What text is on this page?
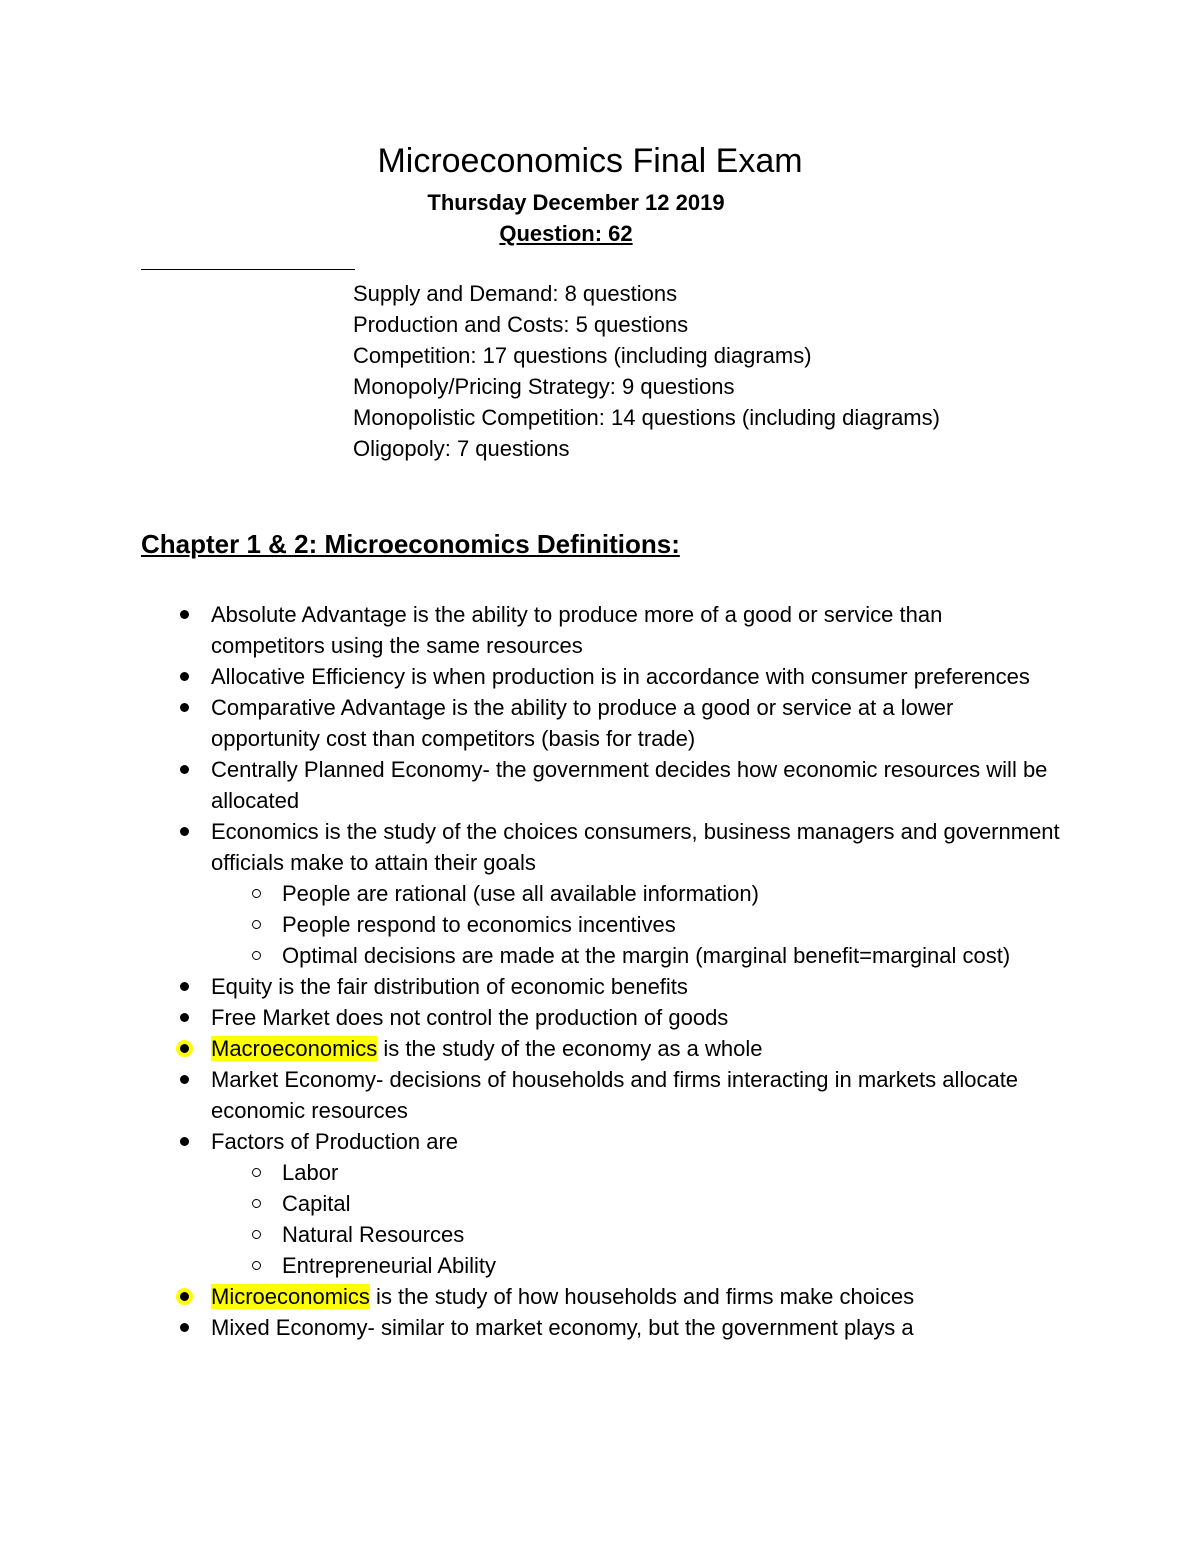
Microeconomics Final Exam
Thursday December 12 2019
Question: 62
Supply and Demand: 8 questions
Production and Costs: 5 questions
Competition: 17 questions (including diagrams)
Monopoly/Pricing Strategy: 9 questions
Monopolistic Competition: 14 questions (including diagrams)
Oligopoly: 7 questions
Chapter 1 & 2: Microeconomics Definitions:
Absolute Advantage is the ability to produce more of a good or service than competitors using the same resources
Allocative Efficiency is when production is in accordance with consumer preferences
Comparative Advantage is the ability to produce a good or service at a lower opportunity cost than competitors (basis for trade)
Centrally Planned Economy- the government decides how economic resources will be allocated
Economics is the study of the choices consumers, business managers and government officials make to attain their goals
People are rational (use all available information)
People respond to economics incentives
Optimal decisions are made at the margin (marginal benefit=marginal cost)
Equity is the fair distribution of economic benefits
Free Market does not control the production of goods
Macroeconomics is the study of the economy as a whole
Market Economy- decisions of households and firms interacting in markets allocate economic resources
Factors of Production are
Labor
Capital
Natural Resources
Entrepreneurial Ability
Microeconomics is the study of how households and firms make choices
Mixed Economy- similar to market economy, but the government plays a
